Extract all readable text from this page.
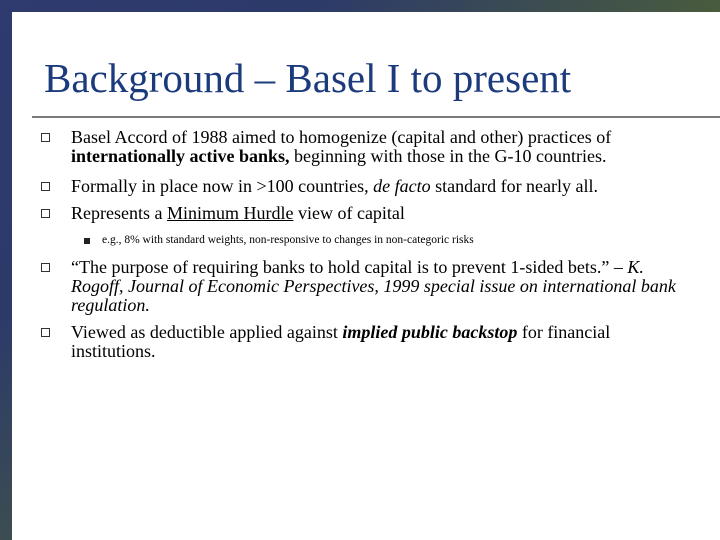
Background – Basel I to present
Basel Accord of 1988 aimed to homogenize (capital and other) practices of internationally active banks, beginning with those in the G-10 countries.
Formally in place now in >100 countries, de facto standard for nearly all.
Represents a Minimum Hurdle view of capital
e.g., 8% with standard weights, non-responsive to changes in non-categoric risks
“The purpose of requiring banks to hold capital is to prevent 1-sided bets.” – K. Rogoff, Journal of Economic Perspectives, 1999 special issue on international bank regulation.
Viewed as deductible applied against implied public backstop for financial institutions.
